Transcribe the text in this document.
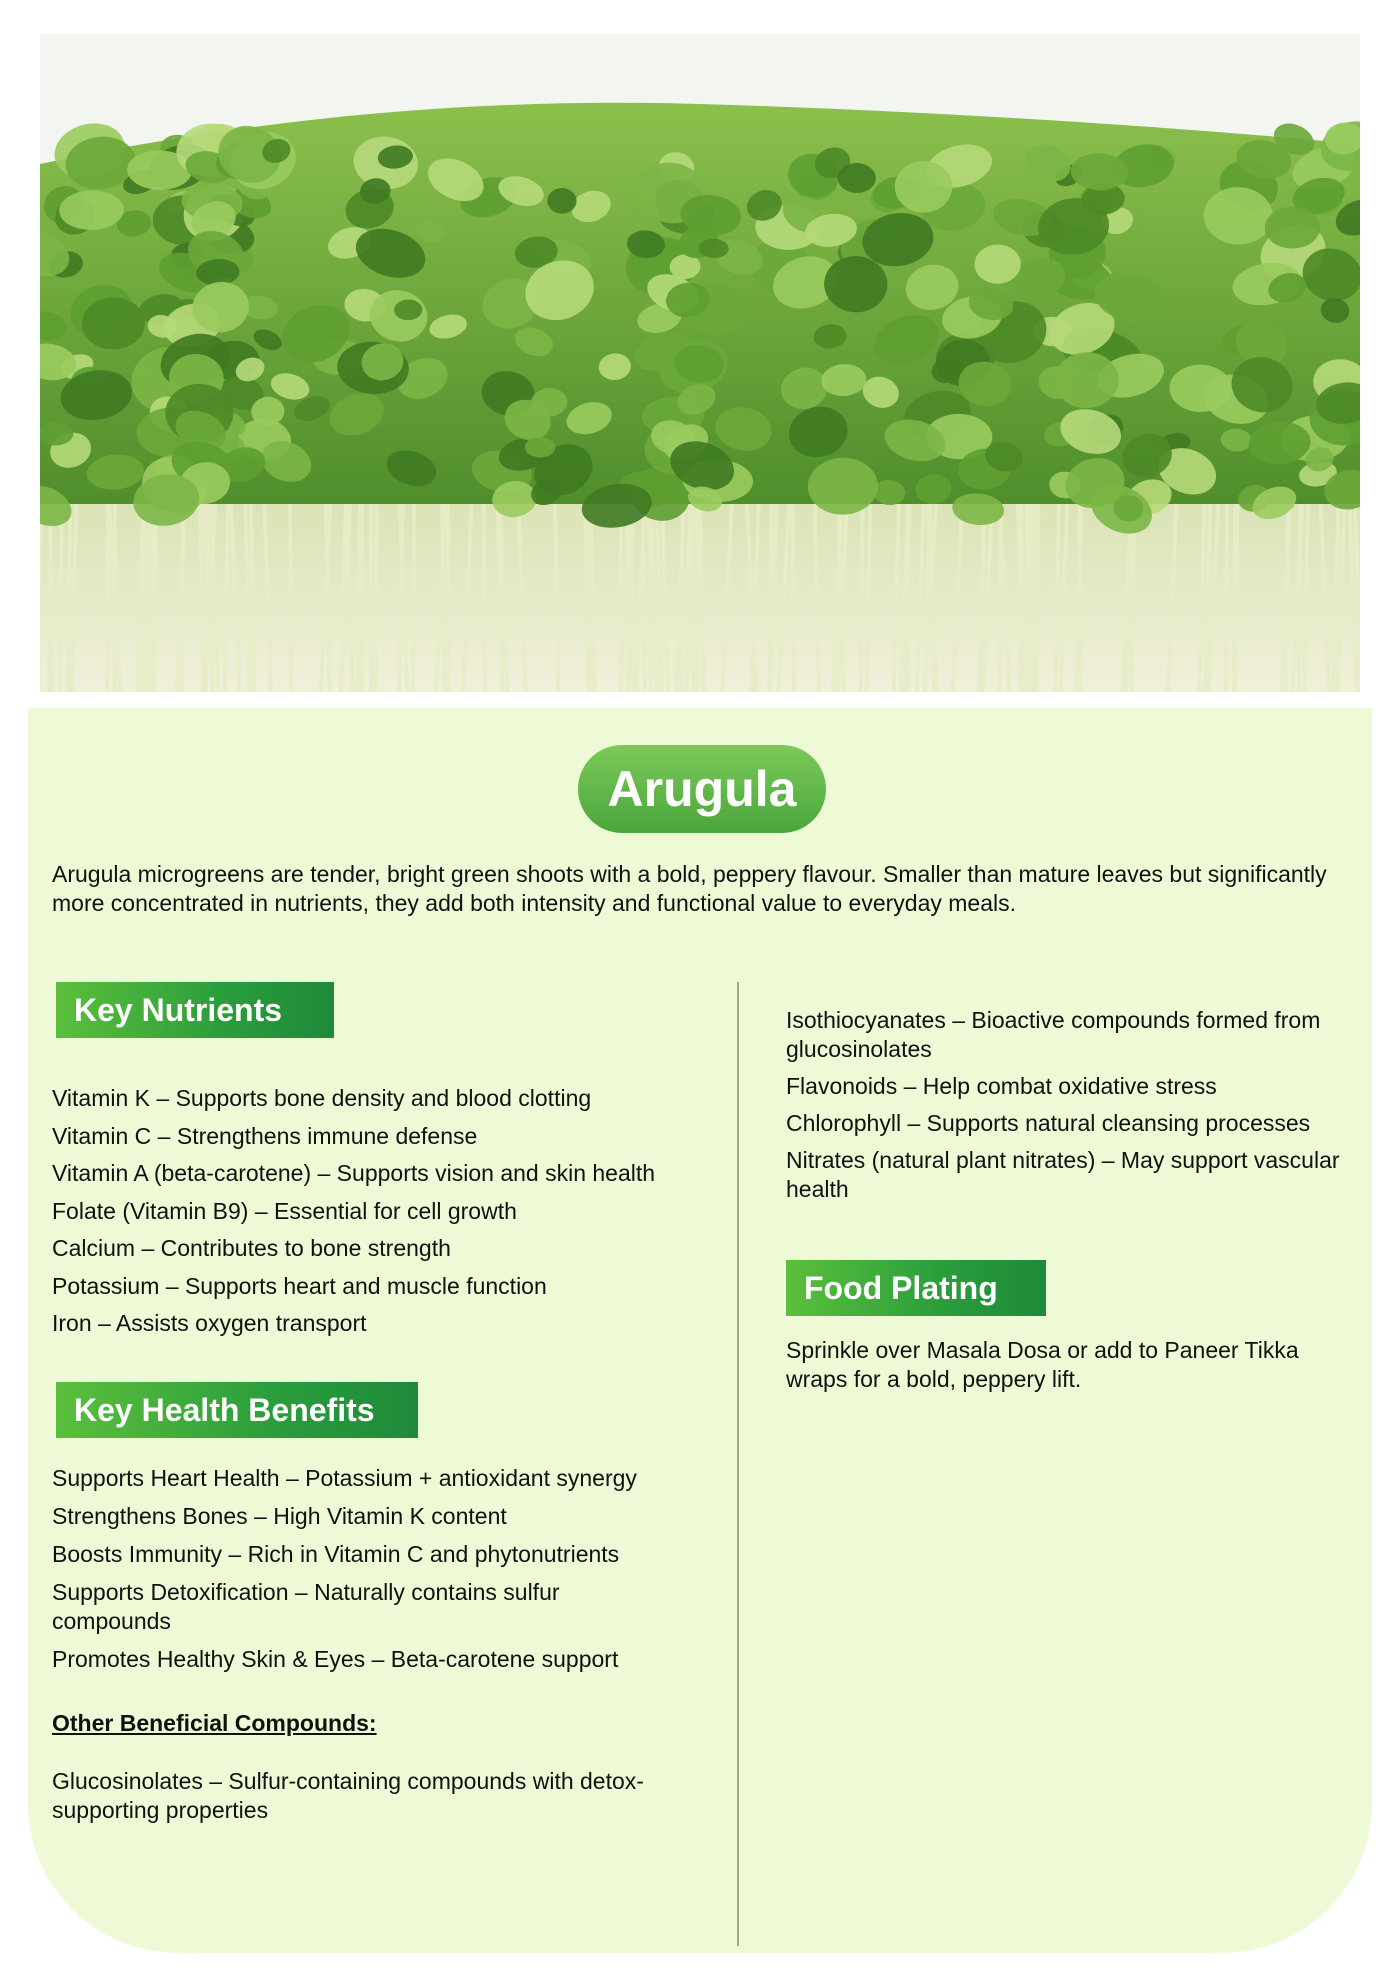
Arugula
Arugula microgreens are tender, bright green shoots with a bold, peppery flavour. Smaller than mature leaves but significantly more concentrated in nutrients, they add both intensity and functional value to everyday meals.
Key Nutrients
Vitamin K – Supports bone density and blood clotting
Vitamin C – Strengthens immune defense
Vitamin A (beta-carotene) – Supports vision and skin health
Folate (Vitamin B9) – Essential for cell growth
Calcium – Contributes to bone strength
Potassium – Supports heart and muscle function
Iron – Assists oxygen transport
Key Health Benefits
Supports Heart Health – Potassium + antioxidant synergy
Strengthens Bones – High Vitamin K content
Boosts Immunity – Rich in Vitamin C and phytonutrients
Supports Detoxification – Naturally contains sulfur compounds
Promotes Healthy Skin & Eyes – Beta-carotene support
Other Beneficial Compounds:
Glucosinolates – Sulfur-containing compounds with detox-supporting properties
Isothiocyanates – Bioactive compounds formed from glucosinolates
Flavonoids – Help combat oxidative stress
Chlorophyll – Supports natural cleansing processes
Nitrates (natural plant nitrates) – May support vascular health
Food Plating
Sprinkle over Masala Dosa or add to Paneer Tikka wraps for a bold, peppery lift.
